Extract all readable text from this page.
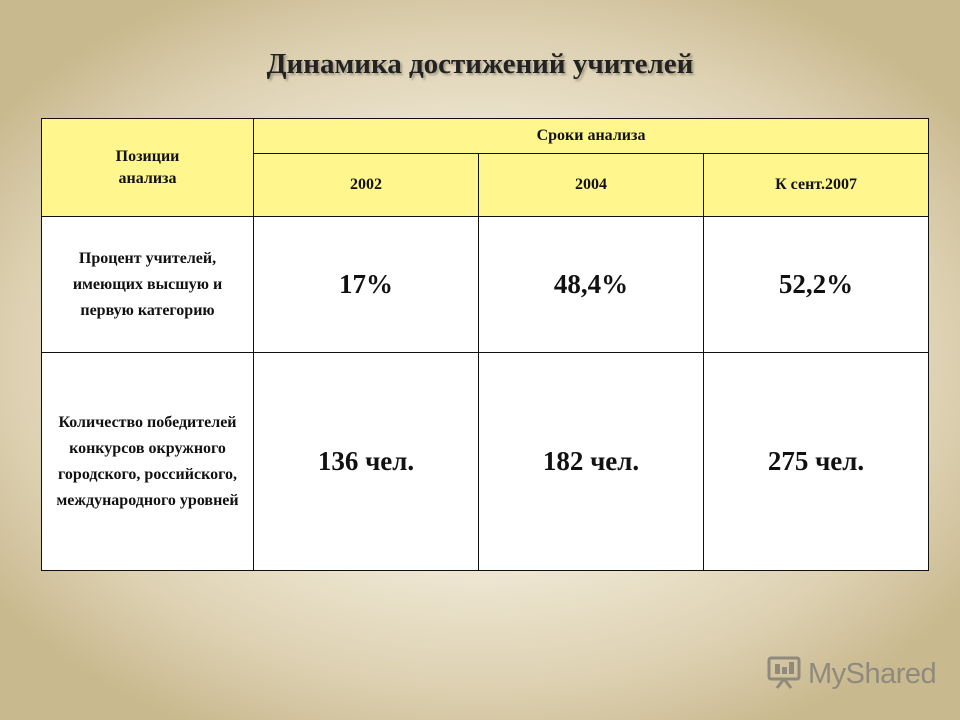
Динамика достижений учителей
Позиции анализа	Сроки анализа		
	2002	2004	К сент.2007
Процент учителей, имеющих высшую и первую категорию	17%	48,4%	52,2%
Количество победителей конкурсов окружного городского, российского, международного уровней	136 чел.	182 чел.	275 чел.
MyShared
